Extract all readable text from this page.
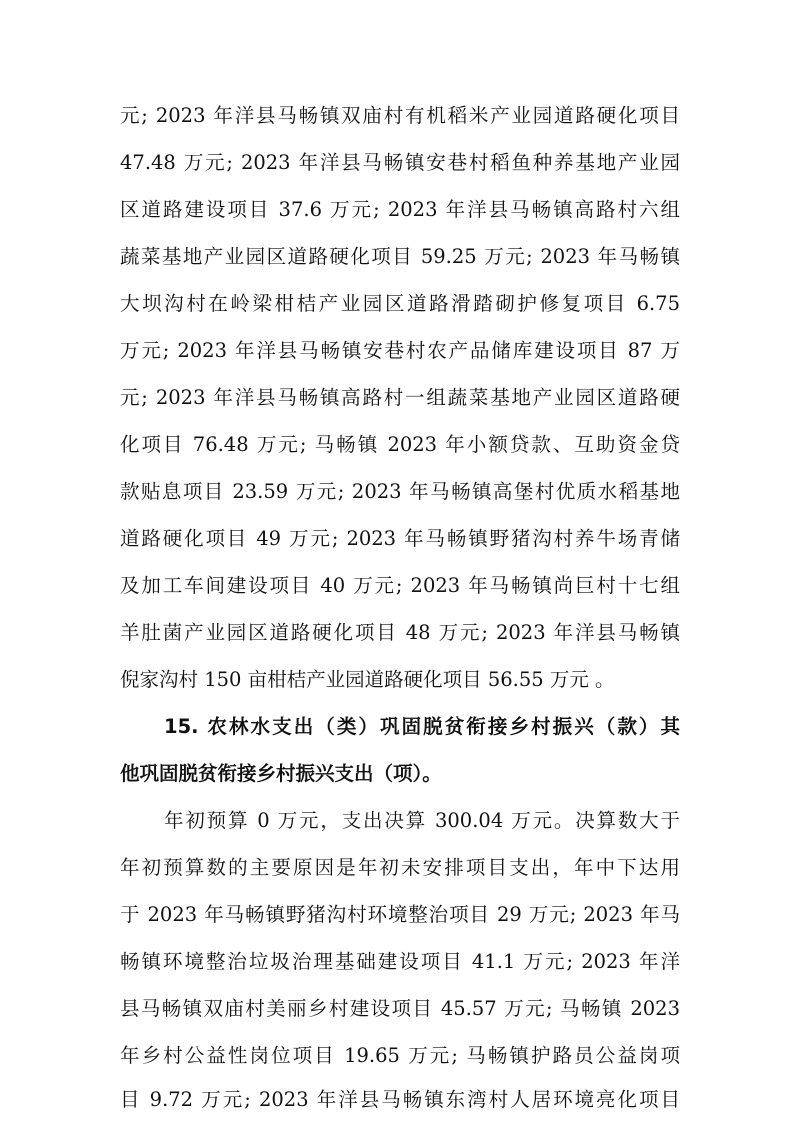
元; 2023 年洋县马畅镇双庙村有机稻米产业园道路硬化项目
47.48 万元; 2023 年洋县马畅镇安巷村稻鱼种养基地产业园
区道路建设项目 37.6 万元; 2023 年洋县马畅镇高路村六组
蔬菜基地产业园区道路硬化项目 59.25 万元; 2023 年马畅镇
大坝沟村在岭梁柑桔产业园区道路滑踏砌护修复项目 6.75
万元; 2023 年洋县马畅镇安巷村农产品储库建设项目 87 万
元; 2023 年洋县马畅镇高路村一组蔬菜基地产业园区道路硬
化项目 76.48 万元; 马畅镇 2023 年小额贷款、互助资金贷
款贴息项目 23.59 万元; 2023 年马畅镇高堡村优质水稻基地
道路硬化项目 49 万元; 2023 年马畅镇野猪沟村养牛场青储
及加工车间建设项目 40 万元; 2023 年马畅镇尚巨村十七组
羊肚菌产业园区道路硬化项目 48 万元; 2023 年洋县马畅镇
倪家沟村 150 亩柑桔产业园道路硬化项目 56.55 万元 。
15. 农林水支出（类）巩固脱贫衔接乡村振兴（款）其
他巩固脱贫衔接乡村振兴支出（项）。
年初预算 0 万元，支出决算 300.04 万元。决算数大于
年初预算数的主要原因是年初未安排项目支出，年中下达用
于 2023 年马畅镇野猪沟村环境整治项目 29 万元; 2023 年马
畅镇环境整治垃圾治理基础建设项目 41.1 万元; 2023 年洋
县马畅镇双庙村美丽乡村建设项目 45.57 万元; 马畅镇 2023
年乡村公益性岗位项目 19.65 万元; 马畅镇护路员公益岗项
目 9.72 万元; 2023 年洋县马畅镇东湾村人居环境亮化项目
